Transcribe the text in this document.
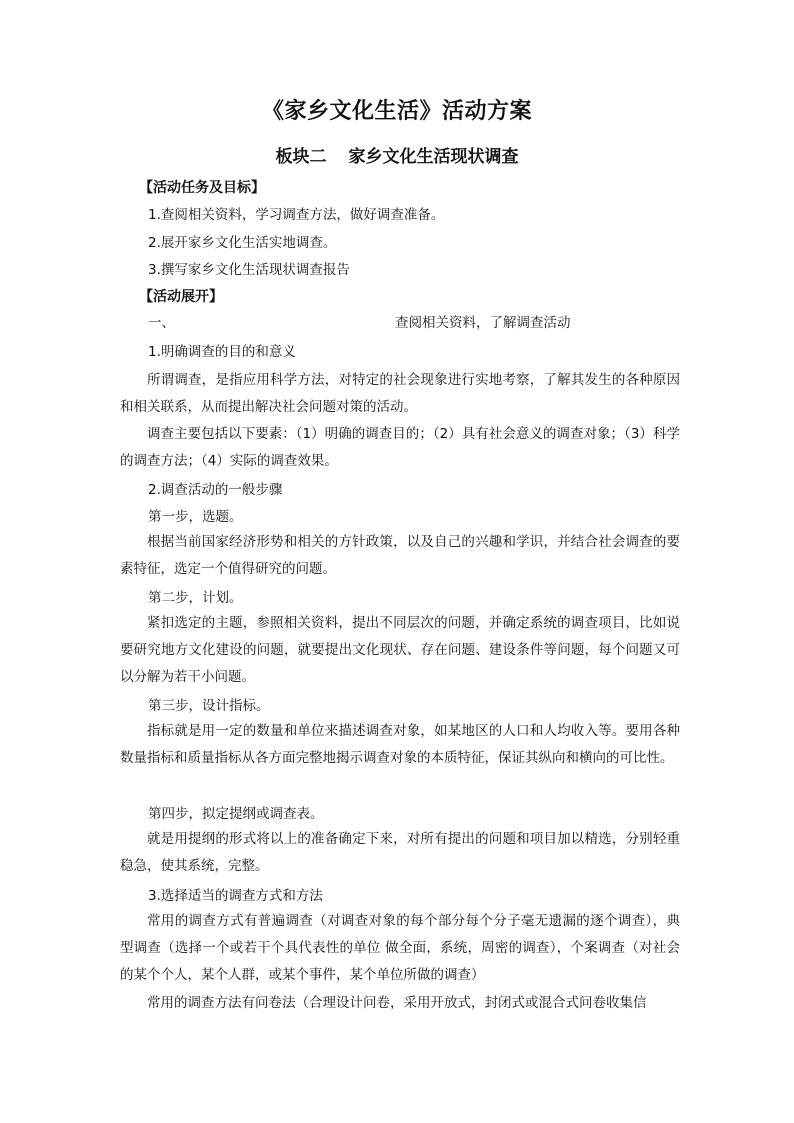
《家乡文化生活》活动方案
板块二 家乡文化生活现状调查
【活动任务及目标】
1.查阅相关资料，学习调查方法，做好调查准备。
2.展开家乡文化生活实地调查。
3.撰写家乡文化生活现状调查报告
【活动展开】
一、	查阅相关资料，了解调查活动
1.明确调查的目的和意义

所谓调查，是指应用科学方法，对特定的社会现象进行实地考察，了解其发生的各种原因和相关联系，从而提出解决社会问题对策的活动。

调查主要包括以下要素：（1）明确的调查目的；（2）具有社会意义的调查对象；（3）科学的调查方法；（4）实际的调查效果。

2.调查活动的一般步骤
第一步，选题。

根据当前国家经济形势和相关的方针政策，以及自己的兴趣和学识，并结合社会调查的要素特征，选定一个值得研究的问题。

第二步，计划。

紧扣选定的主题，参照相关资料，提出不同层次的问题，并确定系统的调查项目，比如说要研究地方文化建设的问题，就要提出文化现状、存在问题、建设条件等问题，每个问题又可以分解为若干小问题。

第三步，设计指标。

指标就是用一定的数量和单位来描述调查对象，如某地区的人口和人均收入等。要用各种数量指标和质量指标从各方面完整地揭示调查对象的本质特征，保证其纵向和横向的可比性。

第四步，拟定提纲或调查表。

就是用提纲的形式将以上的准备确定下来，对所有提出的问题和项目加以精选，分别轻重稳急，使其系统，完整。

3.选择适当的调查方式和方法

常用的调查方式有普遍调查（对调查对象的每个部分每个分子毫无遗漏的逐个调查），典型调查（选择一个或若干个具代表性的单位 做全面，系统，周密的调查），个案调查（对社会的某个个人，某个人群，或某个事件，某个单位所做的调查）

常用的调查方法有问卷法（合理设计问卷，采用开放式，封闭式或混合式问卷收集信
